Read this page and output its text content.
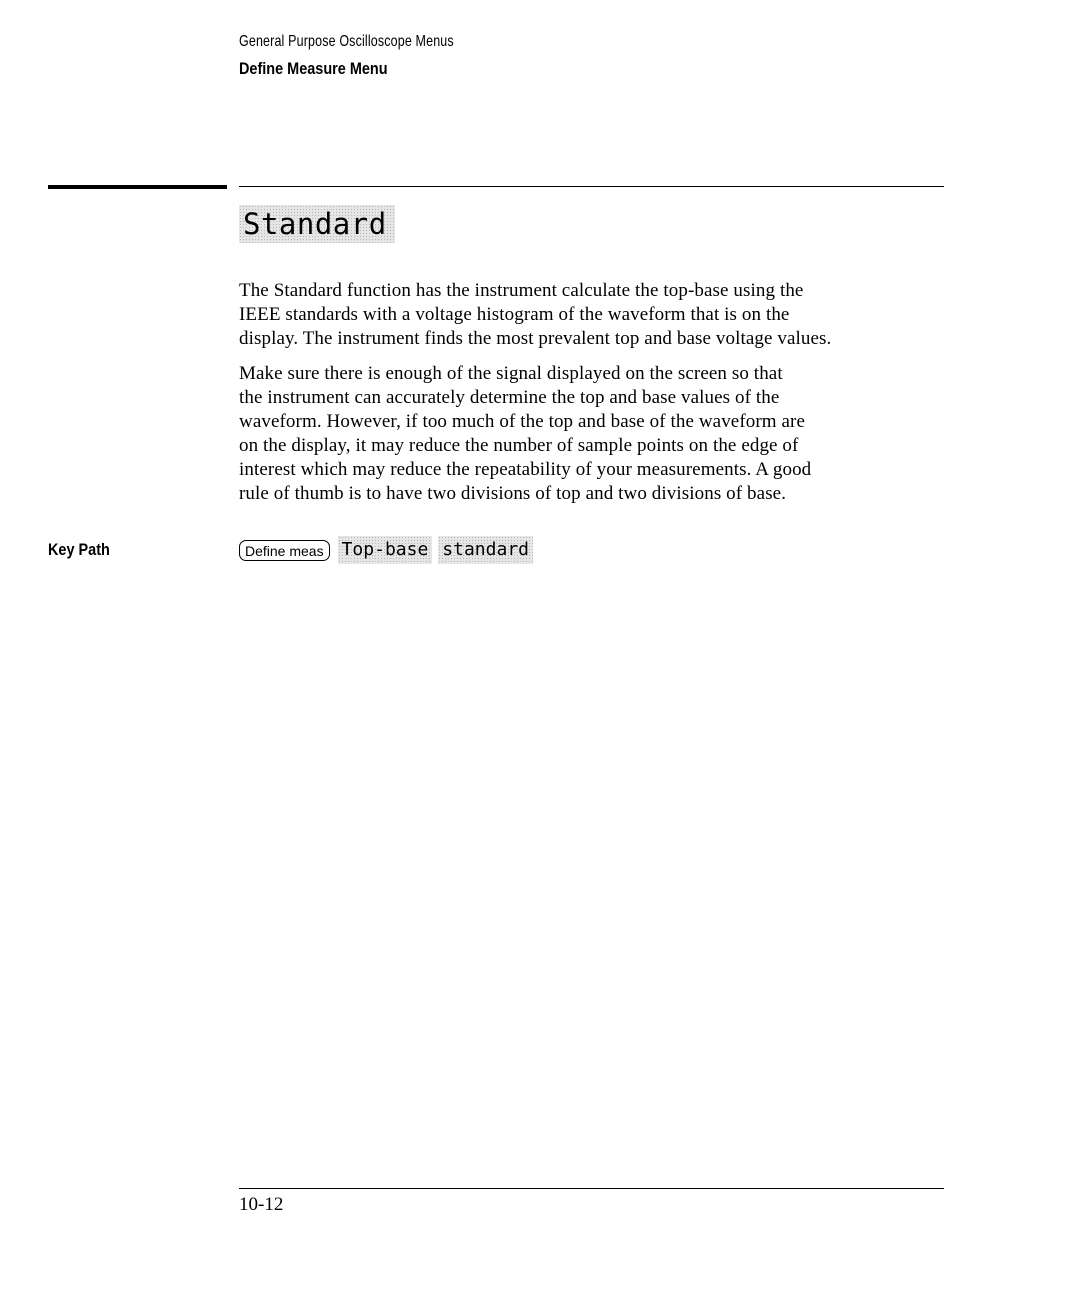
General Purpose Oscilloscope Menus
Define Measure Menu
Standard

The Standard function has the instrument calculate the top-base using the
IEEE standards with a voltage histogram of the waveform that is on the
display. The instrument finds the most prevalent top and base voltage values.

Make sure there is enough of the signal displayed on the screen so that
the instrument can accurately determine the top and base values of the
waveform. However, if too much of the top and base of the waveform are
on the display, it may reduce the number of sample points on the edge of
interest which may reduce the repeatability of your measurements. A good
rule of thumb is to have two divisions of top and two divisions of base.

Key Path	Define meas	Top-base standard
10-12
